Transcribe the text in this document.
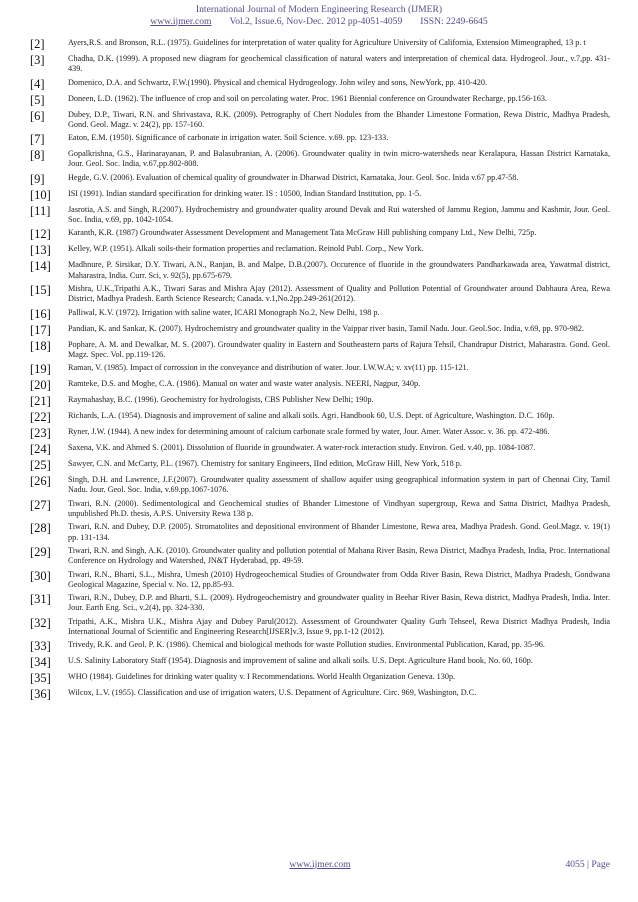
International Journal of Modern Engineering Research (IJMER)
www.ijmer.com Vol.2, Issue.6, Nov-Dec. 2012 pp-4051-4059 ISSN: 2249-6645
[2]	Ayers,R.S. and Bronson, R.L. (1975). Guidelines for interpretation of water quality for Agriculture University of California, Extension Mimeographed, 13 p. t
[3]	Chadha, D.K. (1999). A proposed new diagram for geochemical classification of natural waters and interpretation of chemical data. Hydrogeol. Jour., v.7,pp. 431-439.
[4]	Domenico, D.A. and Schwartz, F.W.(1990). Physical and chemical Hydrogeology. John wiley and sons, NewYork, pp. 410-420.
[5]	Doneen, L.D. (1962). The influence of crop and soil on percolating water. Proc. 1961 Biennial conference on Groundwater Recharge, pp.156-163.
[6]	Dubey, D.P., Tiwari, R.N. and Shrivastava, R.K. (2009). Petrography of Chert Nodules from the Bhander Limestone Formation, Rewa Distric, Madhya Pradesh, Gond. Geol. Magz. v. 24(2), pp. 157-160.
[7]	Eaton, E.M. (1950). Significance of carbonate in irrigation water. Soil Science. v.69. pp. 123-133.
[8]	Gopalkrishna, G.S., Harinarayanan, P. and Balasubranian, A. (2006). Groundwater quality in twin micro-watersheds near Keralapura, Hassan District Karnataka, Jour. Geol. Soc. India, v.67,pp.802-808.
[9]	Hegde, G.V. (2006). Evaluation of chemical quality of groundwater in Dharwad District, Karnataka, Jour. Geol. Soc. Inida v.67 pp.47-58.
[10]	ISI (1991). Indian standard specification for drinking water. IS : 10500, Indian Standard Institution, pp. 1-5.
[11]	Jasrotia, A.S. and Singh, R.(2007). Hydrochemistry and groundwater quality around Devak and Rui watershed of Jammu Region, Jammu and Kashmir, Jour. Geol. Soc. India, v.69, pp. 1042-1054.
[12]	Karanth, K.R. (1987) Groundwater Assessment Development and Management Tata McGraw Hill publishing company Ltd., New Delhi, 725p.
[13]	Kelley, W.P. (1951). Alkali soils-their formation properties and reclamation. Reinold Publ. Corp., New York.
[14]	Madhnure, P. Sirsikar, D.Y. Tiwari, A.N., Ranjan, B. and Malpe, D.B.(2007). Occurence of fluoride in the groundwaters Pandharkawada area, Yawatmal district, Maharastra, India. Curr. Sci, v. 92(5), pp.675-679.
[15]	Mishra, U.K.,Tripathi A.K., Tiwari Saras and Mishra Ajay (2012). Assessment of Quality and Pollution Potential of Groundwater around Dabhaura Area, Rewa District, Madhya Pradesh. Earth Science Research; Canada. v.1,No.2pp.249-261(2012).
[16]	Palliwal, K.V. (1972). Irrigation with saline water, ICARI Monograph No.2, New Delhi, 198 p.
[17]	Pandian, K. and Sankar, K. (2007). Hydrochemistry and groundwater quality in the Vaippar river basin, Tamil Nadu. Jour. Geol.Soc. India, v.69, pp. 970-982.
[18]	Pophare, A. M. and Dewalkar, M. S. (2007). Groundwater quality in Eastern and Southeastern parts of Rajura Tehsil, Chandrapur District, Maharastra. Gond. Geol. Magz. Spec. Vol. pp.119-126.
[19]	Raman, V. (1985). Impact of corrossion in the conveyance and distribution of water. Jour. I.W.W.A; v. xv(11) pp. 115-121.
[20]	Ramteke, D.S. and Moghe, C.A. (1986). Manual on water and waste water analysis. NEERI, Nagpur, 340p.
[21]	Raymahashay, B.C. (1996). Geochemistry for hydrologists, CBS Publisher New Delhi; 190p.
[22]	Richards, L.A. (1954). Diagnosis and improvement of saline and alkali soils. Agri. Handbook 60, U.S. Dept. of Agriculture, Washington. D.C. 160p.
[23]	Ryner, J.W. (1944). A new index for determining amount of calcium carbonate scale formed by water, Jour. Amer. Water Assoc. v. 36. pp. 472-486.
[24]	Saxena, V.K. and Ahmed S. (2001). Dissolution of fluoride in groundwater. A water-rock interaction study. Environ. Ged. v.40, pp. 1084-1087.
[25]	Sawyer, C.N. and McCarty, P.L. (1967). Chemistry for sanitary Engineers, IInd edition, McGraw Hill, New York, 518 p.
[26]	Singh, D.H. and Lawrence, J.F.(2007). Groundwater quality assessment of shallow aquifer using geographical information system in part of Chennai City, Tamil Nadu. Jour. Geol. Soc. India, v.69.pp.1067-1076.
[27]	Tiwari, R.N. (2000). Sedimentological and Geochemical studies of Bhander Limestone of Vindhyan supergroup, Rewa and Satna District, Madhya Pradesh, unpublished Ph.D. thesis, A.P.S. University Rewa 138 p.
[28]	Tiwari, R.N. and Dubey, D.P. (2005). Stromatolites and depositional environment of Bhander Limestone, Rewa area, Madhya Pradesh. Gond. Geol.Magz. v. 19(1) pp. 131-134.
[29]	Tiwari, R.N. and Singh, A.K. (2010). Groundwater quality and pollution potential of Mahana River Basin, Rewa District, Madhya Pradesh, India, Proc. International Conference on Hydrology and Watershed, JN&T Hyderabad, pp. 49-59.
[30]	Tiwari, R.N., Bharti, S.L., Mishra, Umesh (2010) Hydrogeochemical Studies of Groundwater from Odda River Basin, Rewa District, Madhya Pradesh, Gondwana Geological Magazine, Special v. No. 12, pp.85-93.
[31]	Tiwari, R.N., Dubey, D.P. and Bharti, S.L. (2009). Hydrogeochemistry and groundwater quality in Beehar River Basin, Rewa district, Madhya Pradesh, India. Inter. Jour. Earth Eng. Sci., v.2(4), pp. 324-330.
[32]	Tripathi, A.K., Mishra U.K., Mishra Ajay and Dubey Parul(2012). Assessment of Groundwater Quality Gurh Tehseel, Rewa District Madhya Pradesh, India International Journal of Scientific and Engineering Research[IJSER]v.3, Issue 9, pp.1-12 (2012).
[33]	Trivedy, R.K. and Geol. P. K. (1986). Chemical and biological methods for waste Pollution studies. Environmental Publication, Karad, pp. 35-96.
[34]	U.S. Salinity Laboratory Staff (1954). Diagnosis and improvement of saline and alkali soils. U.S. Dept. Agriculture Hand book, No. 60, 160p.
[35]	WHO (1984). Guidelines for drinking water quality v. I Recommendations. World Health Organization Geneva. 130p.
[36]	Wilcox, L.V. (1955). Classification and use of irrigation waters, U.S. Depatment of Agriculture. Circ. 969, Washington, D.C.
www.ijmer.com	4055 | Page
